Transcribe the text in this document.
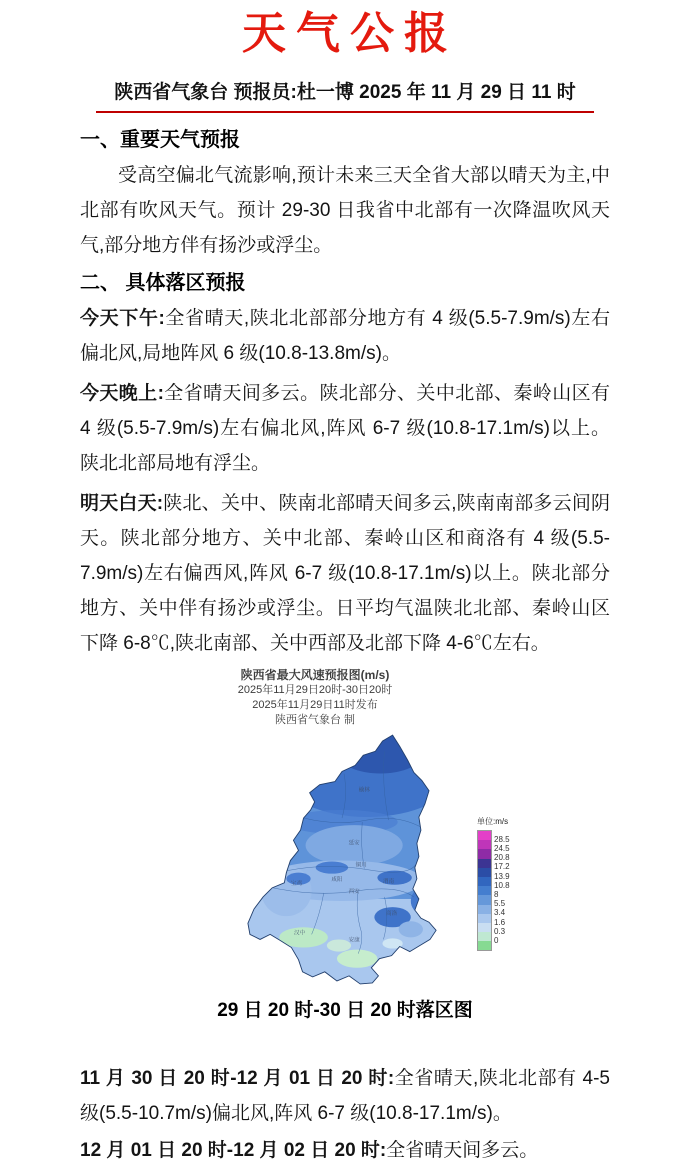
天气公报
陕西省气象台 预报员:杜一博 2025 年 11 月 29 日 11 时
一、重要天气预报

受高空偏北气流影响,预计未来三天全省大部以晴天为主,中北部有吹风天气。预计 29-30 日我省中北部有一次降温吹风天气,部分地方伴有扬沙或浮尘。

二、 具体落区预报

今天下午:全省晴天,陕北北部部分地方有 4 级(5.5-7.9m/s)左右偏北风,局地阵风 6 级(10.8-13.8m/s)。

今天晚上:全省晴天间多云。陕北部分、关中北部、秦岭山区有 4 级(5.5-7.9m/s)左右偏北风,阵风 6-7 级(10.8-17.1m/s)以上。陕北北部局地有浮尘。

明天白天:陕北、关中、陕南北部晴天间多云,陕南南部多云间阴天。陕北部分地方、关中北部、秦岭山区和商洛有 4 级(5.5-7.9m/s)左右偏西风,阵风 6-7 级(10.8-17.1m/s)以上。陕北部分地方、关中伴有扬沙或浮尘。日平均气温陕北北部、秦岭山区下降 6-8℃,陕北南部、关中西部及北部下降 4-6℃左右。

陕西省最大风速预报图(m/s)
2025年11月29日20时-30日20时
2025年11月29日11时发布
陕西省气象台 制
榆林
延安
铜川
咸阳	渭南
西安
宝鸡
商洛
汉中
安康
单位:m/s
28.5
24.5
20.8
17.2
13.9
10.8
8
5.5
3.4
1.6
0.3
0

29 日 20 时-30 日 20 时落区图

11 月 30 日 20 时-12 月 01 日 20 时:全省晴天,陕北北部有 4-5 级(5.5-10.7m/s)偏北风,阵风 6-7 级(10.8-17.1m/s)。

12 月 01 日 20 时-12 月 02 日 20 时:全省晴天间多云。
